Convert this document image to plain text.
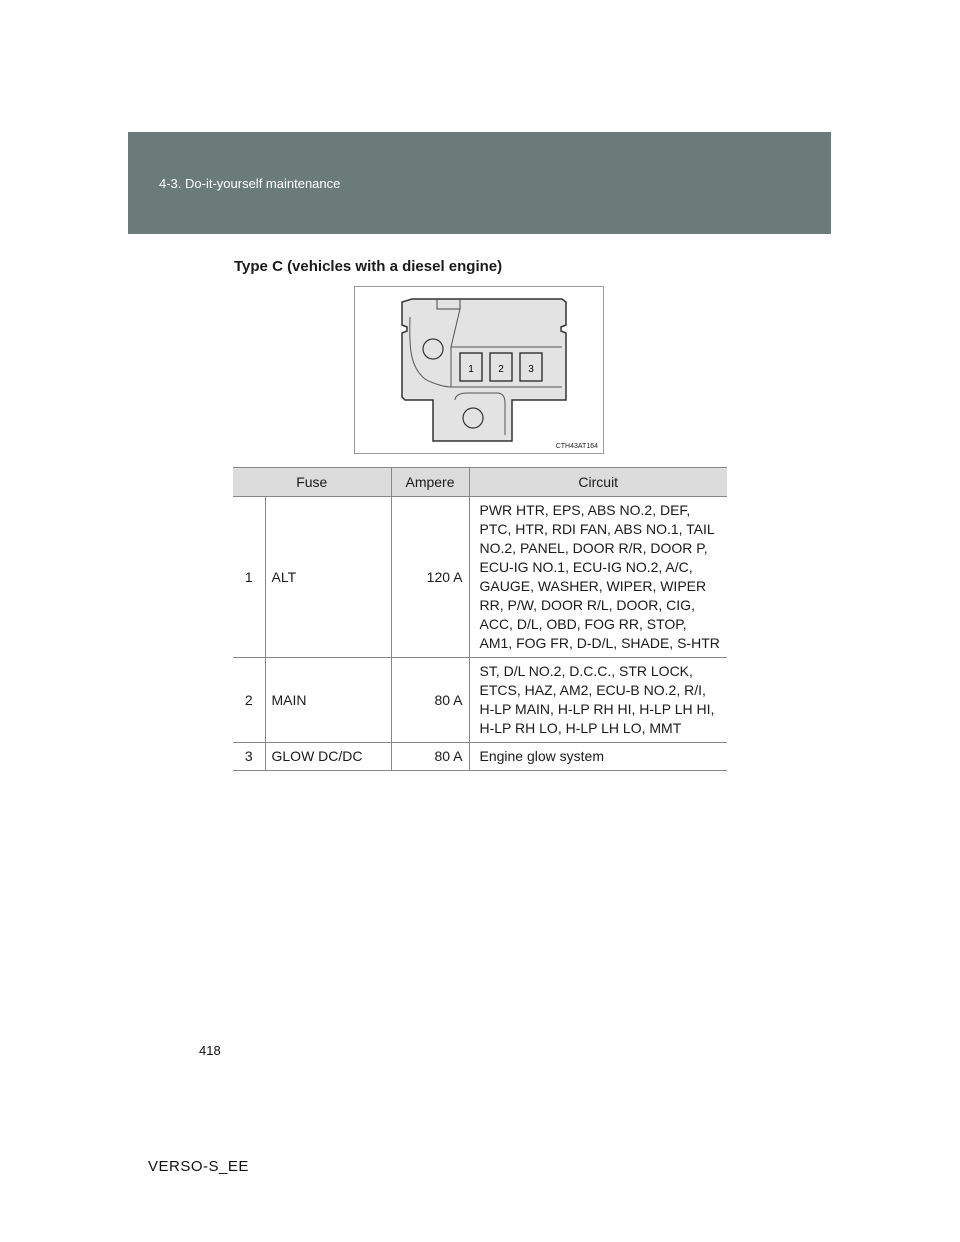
4-3. Do-it-yourself maintenance
Type C (vehicles with a diesel engine)
1 2 3
CTH43AT164
Fuse		Ampere	Circuit
1	ALT	120 A	PWR HTR, EPS, ABS NO.2, DEF, PTC, HTR, RDI FAN, ABS NO.1, TAIL NO.2, PANEL, DOOR R/R, DOOR P, ECU-IG NO.1, ECU-IG NO.2, A/C, GAUGE, WASHER, WIPER, WIPER RR, P/W, DOOR R/L, DOOR, CIG, ACC, D/L, OBD, FOG RR, STOP, AM1, FOG FR, D-D/L, SHADE, S-HTR
2	MAIN	80 A	ST, D/L NO.2, D.C.C., STR LOCK, ETCS, HAZ, AM2, ECU-B NO.2, R/I, H-LP MAIN, H-LP RH HI, H-LP LH HI, H-LP RH LO, H-LP LH LO, MMT
3	GLOW DC/DC	80 A	Engine glow system
418
VERSO-S_EE
